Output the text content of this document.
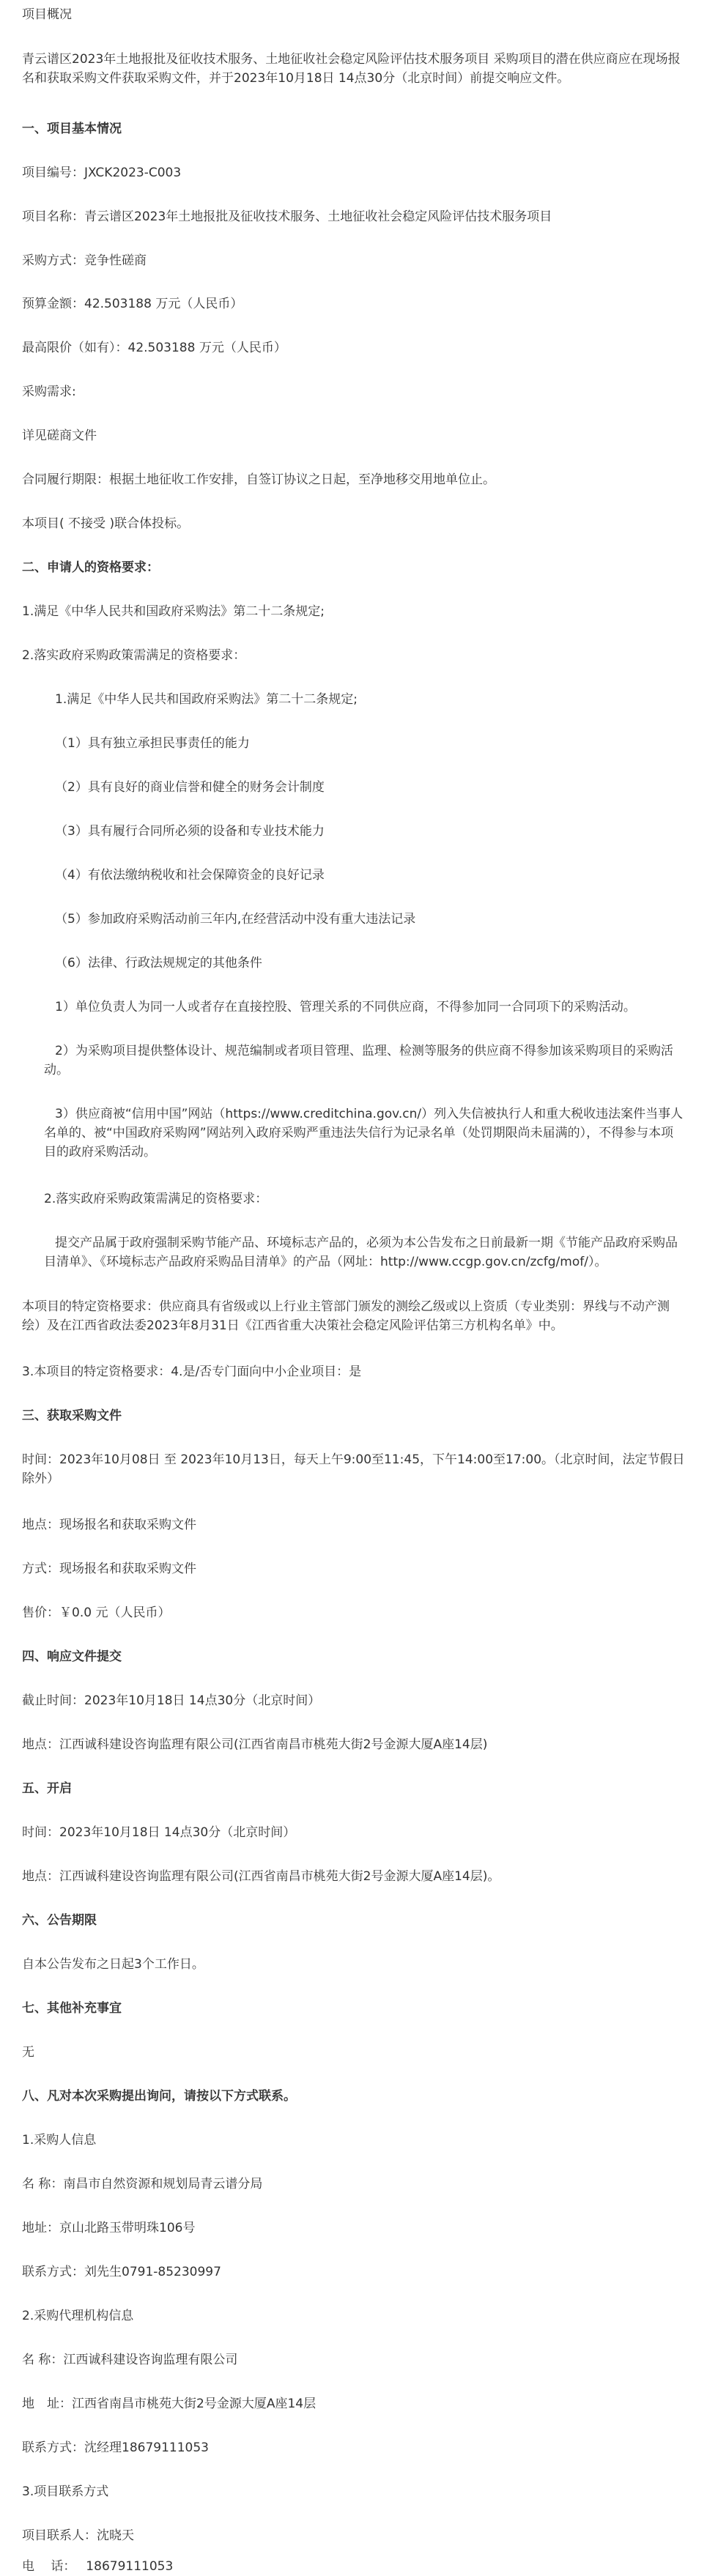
项目概况

青云谱区2023年土地报批及征收技术服务、土地征收社会稳定风险评估技术服务项目 采购项目的潜在供应商应在现场报名和获取采购文件获取采购文件，并于2023年10月18日 14点30分（北京时间）前提交响应文件。

一、项目基本情况

项目编号：JXCK2023-C003

项目名称：青云谱区2023年土地报批及征收技术服务、土地征收社会稳定风险评估技术服务项目

采购方式：竞争性磋商

预算金额：42.503188 万元（人民币）

最高限价（如有）：42.503188 万元（人民币）

采购需求:

详见磋商文件

合同履行期限：根据土地征收工作安排，自签订协议之日起，至净地移交用地单位止。

本项目( 不接受 )联合体投标。

二、申请人的资格要求：

1.满足《中华人民共和国政府采购法》第二十二条规定;

2.落实政府采购政策需满足的资格要求：

1.满足《中华人民共和国政府采购法》第二十二条规定;

（1）具有独立承担民事责任的能力

（2）具有良好的商业信誉和健全的财务会计制度

（3）具有履行合同所必须的设备和专业技术能力

（4）有依法缴纳税收和社会保障资金的良好记录

（5）参加政府采购活动前三年内,在经营活动中没有重大违法记录

（6）法律、行政法规规定的其他条件

1）单位负责人为同一人或者存在直接控股、管理关系的不同供应商，不得参加同一合同项下的采购活动。

2）为采购项目提供整体设计、规范编制或者项目管理、监理、检测等服务的供应商不得参加该采购项目的采购活动。

3）供应商被“信用中国”网站（https://www.creditchina.gov.cn/）列入失信被执行人和重大税收违法案件当事人名单的、被“中国政府采购网”网站列入政府采购严重违法失信行为记录名单（处罚期限尚未届满的），不得参与本项目的政府采购活动。

2.落实政府采购政策需满足的资格要求：

提交产品属于政府强制采购节能产品、环境标志产品的，必须为本公告发布之日前最新一期《节能产品政府采购品目清单》、《环境标志产品政府采购品目清单》的产品（网址：http://www.ccgp.gov.cn/zcfg/mof/）。

本项目的特定资格要求：供应商具有省级或以上行业主管部门颁发的测绘乙级或以上资质（专业类别：界线与不动产测绘）及在江西省政法委2023年8月31日《江西省重大决策社会稳定风险评估第三方机构名单》中。

3.本项目的特定资格要求：4.是/否专门面向中小企业项目：是

三、获取采购文件

时间：2023年10月08日 至 2023年10月13日，每天上午9:00至11:45，下午14:00至17:00。（北京时间，法定节假日除外）

地点：现场报名和获取采购文件

方式：现场报名和获取采购文件

售价：￥0.0 元（人民币）

四、响应文件提交

截止时间：2023年10月18日 14点30分（北京时间）

地点：江西诚科建设咨询监理有限公司(江西省南昌市桃苑大街2号金源大厦A座14层)

五、开启

时间：2023年10月18日 14点30分（北京时间）

地点：江西诚科建设咨询监理有限公司(江西省南昌市桃苑大街2号金源大厦A座14层)。

六、公告期限

自本公告发布之日起3个工作日。

七、其他补充事宜

无

八、凡对本次采购提出询问，请按以下方式联系。

1.采购人信息

名 称：南昌市自然资源和规划局青云谱分局

地址：京山北路玉带明珠106号

联系方式：刘先生0791-85230997

2.采购代理机构信息

名 称：江西诚科建设咨询监理有限公司

地　址：江西省南昌市桃苑大街2号金源大厦A座14层

联系方式：沈经理18679111053

3.项目联系方式

项目联系人：沈晓天

电　 话：　 18679111053
